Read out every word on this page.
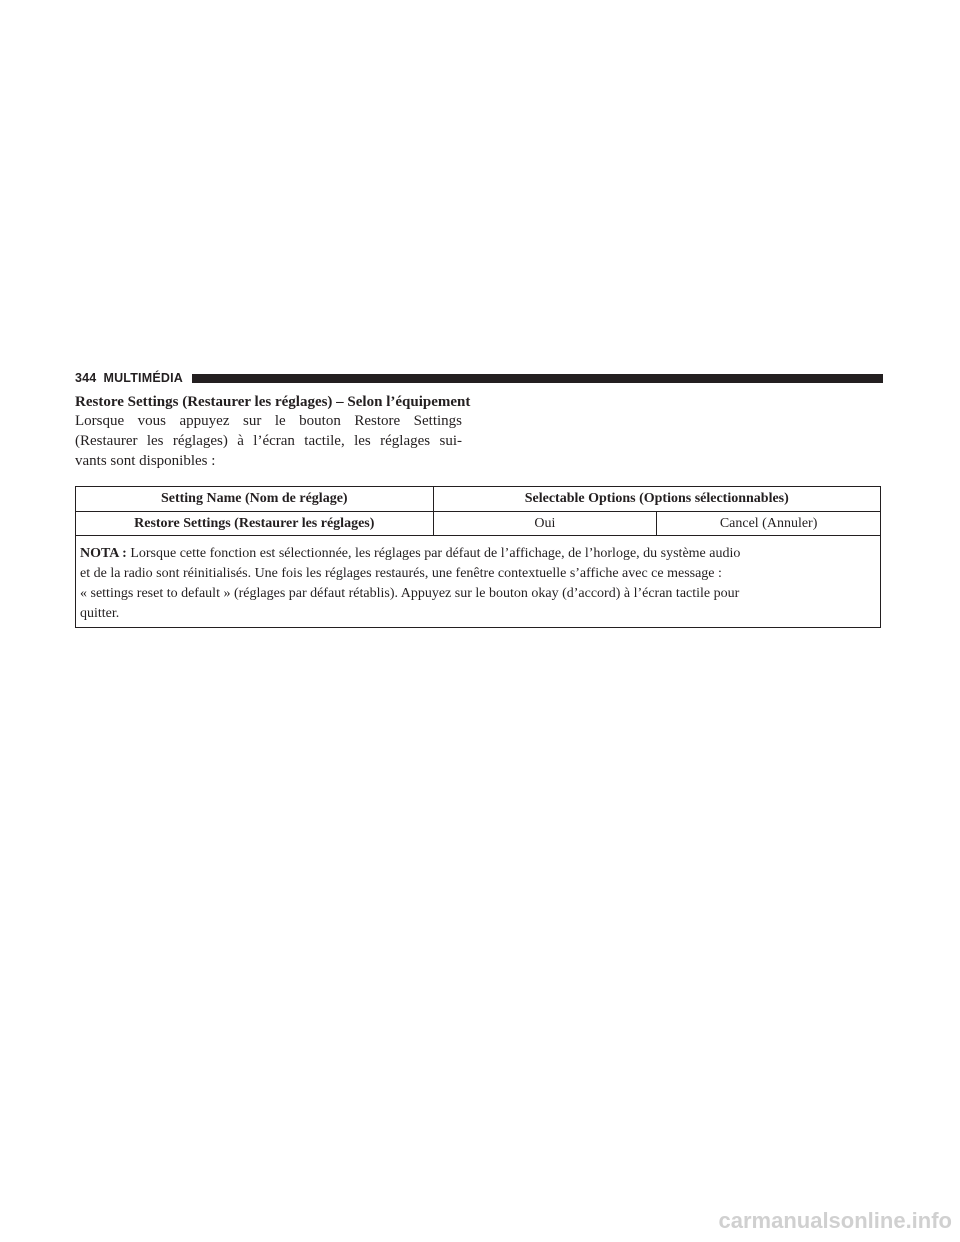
344 MULTIMÉDIA
Restore Settings (Restaurer les réglages) – Selon l’équipement

Lorsque vous appuyez sur le bouton Restore Settings
(Restaurer les réglages) à l’écran tactile, les réglages sui-
vants sont disponibles :

Setting Name (Nom de réglage)	Selectable Options (Options sélectionnables)	
Restore Settings (Restaurer les réglages)	Oui	Cancel (Annuler)
NOTA : Lorsque cette fonction est sélectionnée, les réglages par défaut de l’affichage, de l’horloge, du système audio
et de la radio sont réinitialisés. Une fois les réglages restaurés, une fenêtre contextuelle s’affiche avec ce message :
« settings reset to default » (réglages par défaut rétablis). Appuyez sur le bouton okay (d’accord) à l’écran tactile pour
quitter.		
carmanualsonline.info
